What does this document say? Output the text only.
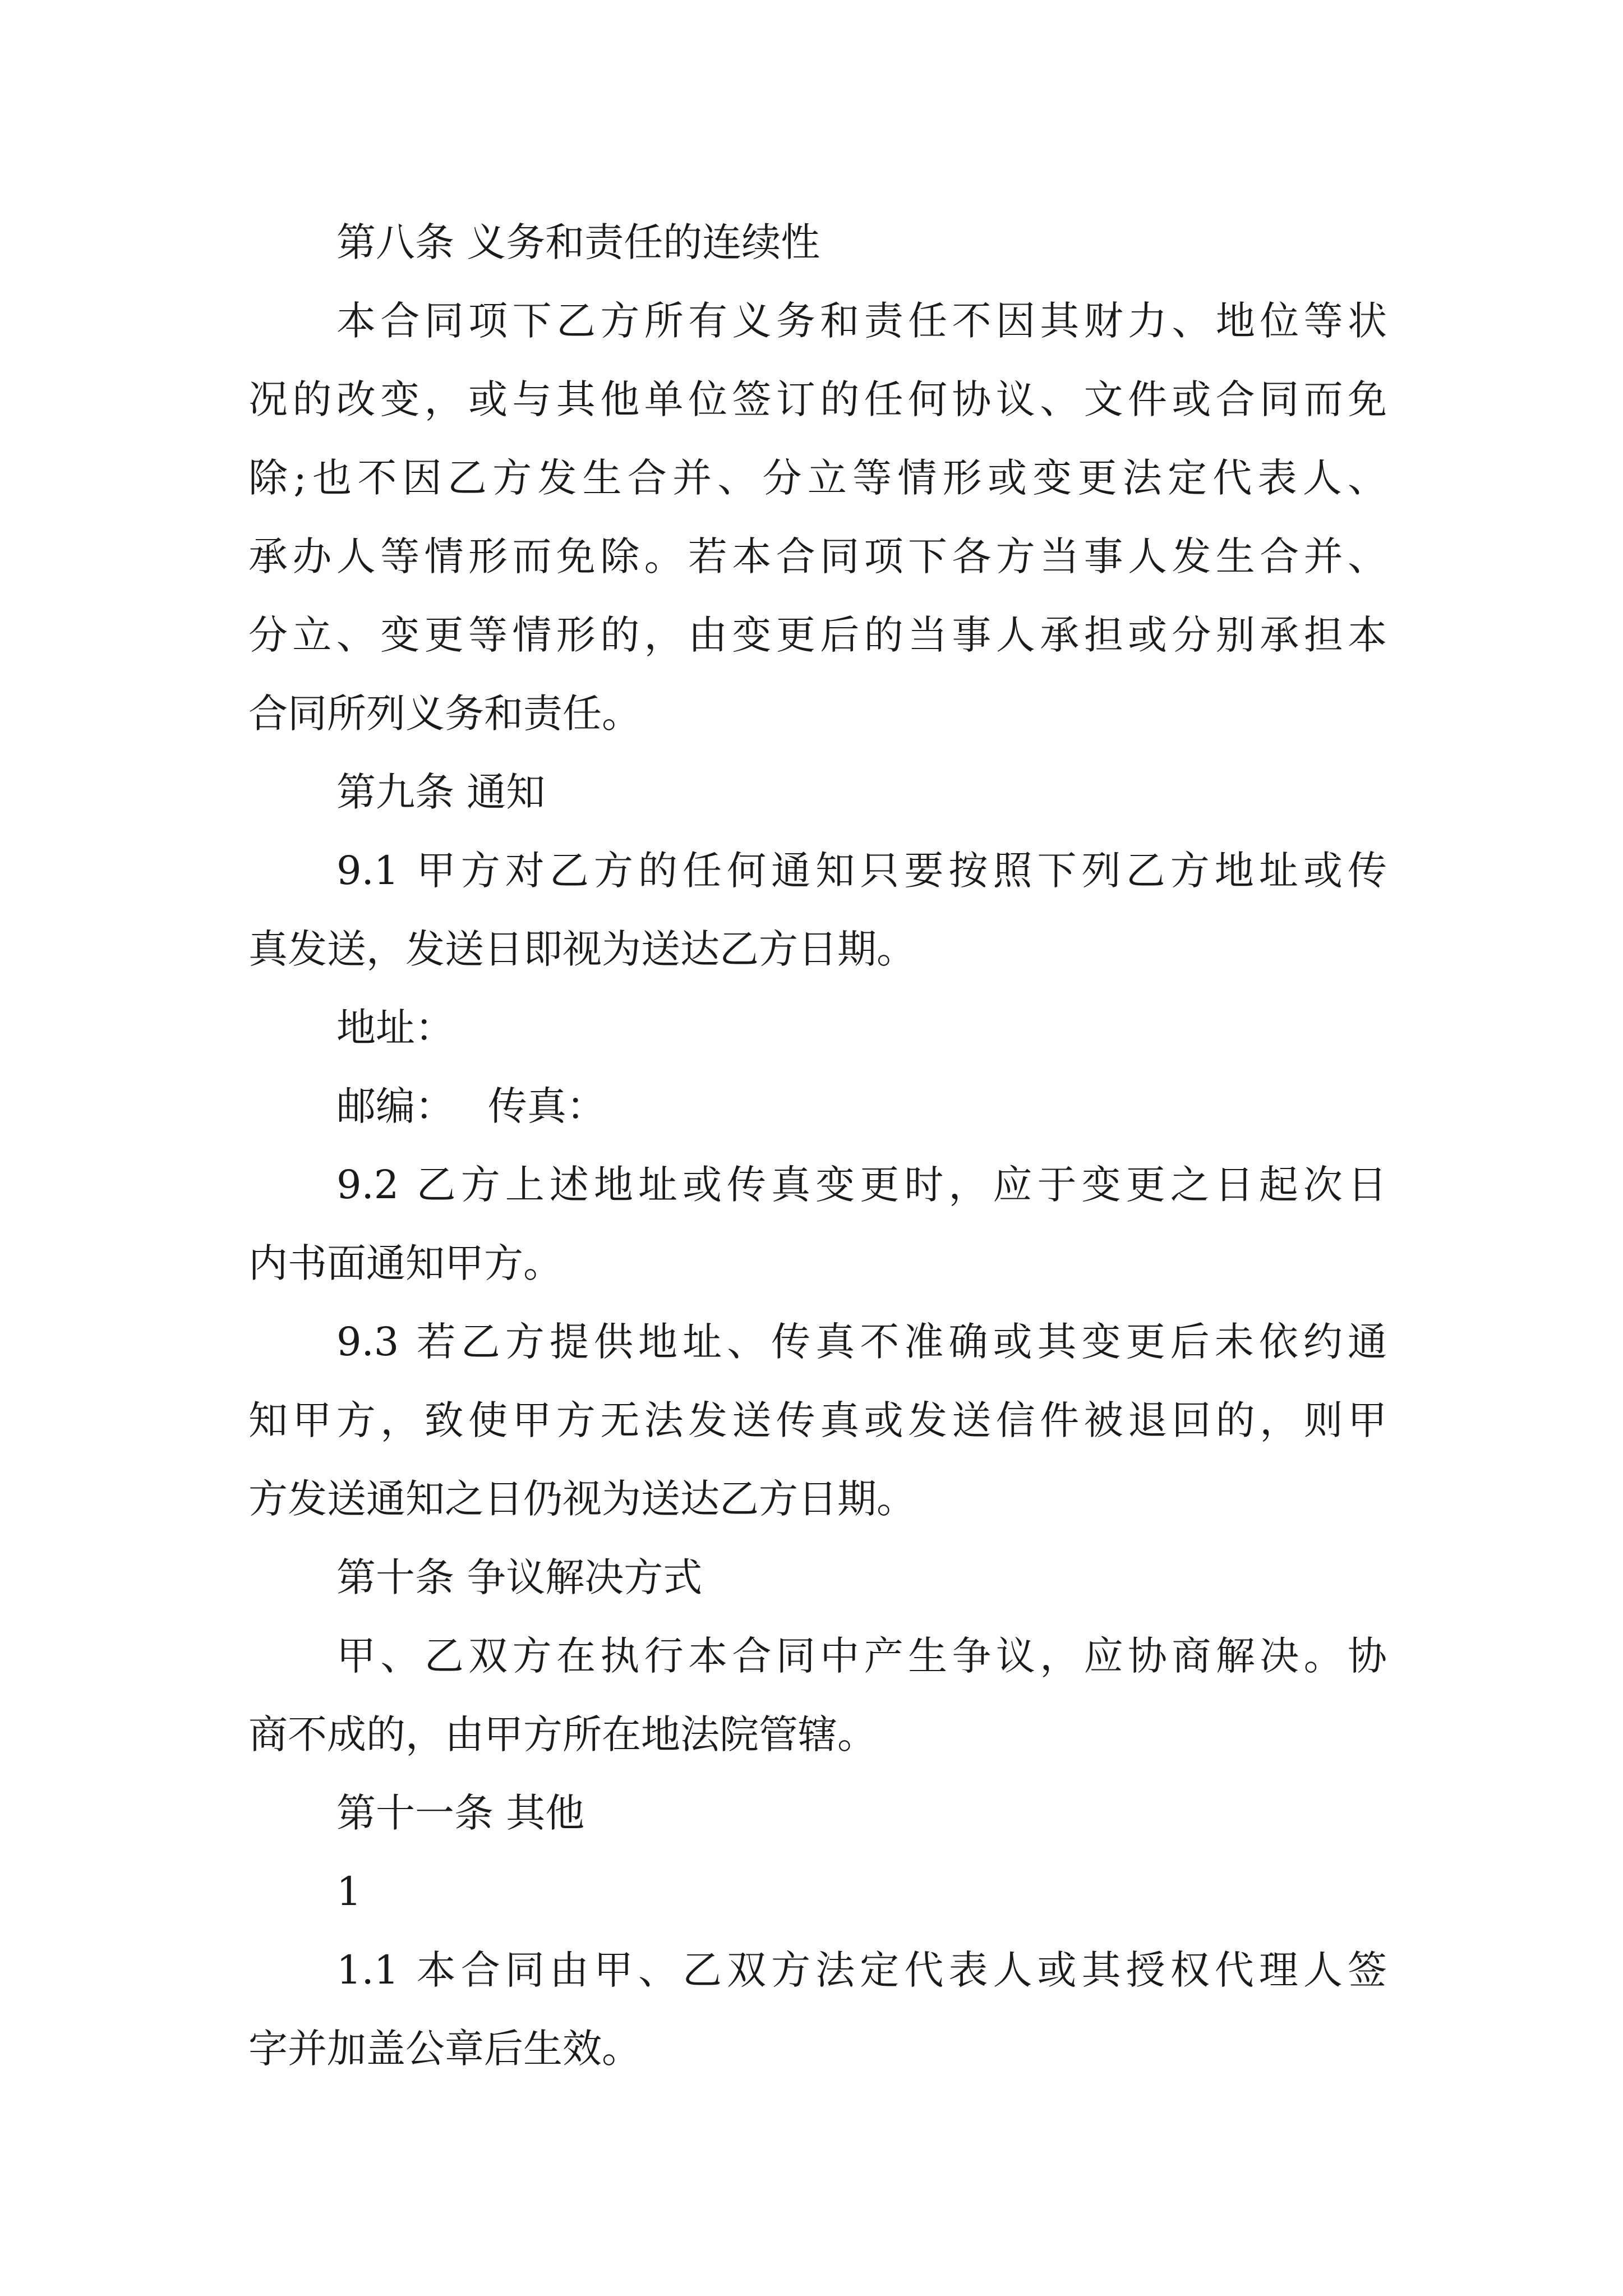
第八条 义务和责任的连续性

本合同项下乙方所有义务和责任不因其财力、地位等状

况的改变，或与其他单位签订的任何协议、文件或合同而免

除;也不因乙方发生合并、分立等情形或变更法定代表人、

承办人等情形而免除。若本合同项下各方当事人发生合并、

分立、变更等情形的，由变更后的当事人承担或分别承担本

合同所列义务和责任。

第九条 通知

9.1 甲方对乙方的任何通知只要按照下列乙方地址或传

真发送，发送日即视为送达乙方日期。

地址：

邮编： 传真：

9.2 乙方上述地址或传真变更时，应于变更之日起次日

内书面通知甲方。

9.3 若乙方提供地址、传真不准确或其变更后未依约通

知甲方，致使甲方无法发送传真或发送信件被退回的，则甲

方发送通知之日仍视为送达乙方日期。

第十条 争议解决方式

甲、乙双方在执行本合同中产生争议，应协商解决。协

商不成的，由甲方所在地法院管辖。

第十一条 其他

1

1.1 本合同由甲、乙双方法定代表人或其授权代理人签

字并加盖公章后生效。
